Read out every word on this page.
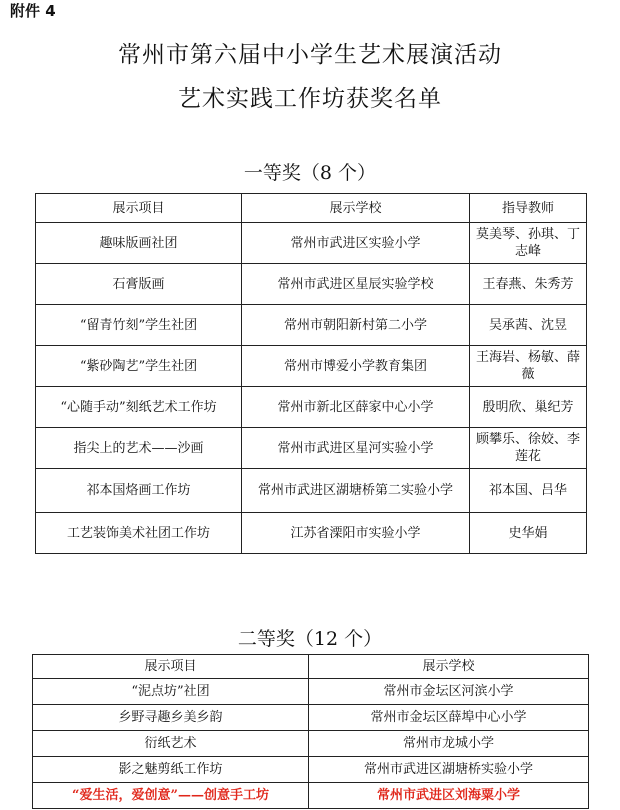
附件 4
常州市第六届中小学生艺术展演活动
艺术实践工作坊获奖名单
一等奖（8 个）
展示项目	展示学校	指导教师
趣味版画社团	常州市武进区实验小学	莫美琴、孙琪、丁志峰
石膏版画	常州市武进区星辰实验学校	王春燕、朱秀芳
“留青竹刻”学生社团	常州市朝阳新村第二小学	吴承茜、沈昱
“紫砂陶艺”学生社团	常州市博爱小学教育集团	王海岩、杨敏、薛薇
“心随手动”刻纸艺术工作坊	常州市新北区薛家中心小学	殷明欣、巢纪芳
指尖上的艺术——沙画	常州市武进区星河实验小学	顾攀乐、徐姣、李莲花
祁本国烙画工作坊	常州市武进区湖塘桥第二实验小学	祁本国、吕华
工艺装饰美术社团工作坊	江苏省溧阳市实验小学	史华娟
二等奖（12 个）
展示项目	展示学校
“泥点坊”社团	常州市金坛区河滨小学
乡野寻趣乡美乡韵	常州市金坛区薛埠中心小学
衍纸艺术	常州市龙城小学
影之魅剪纸工作坊	常州市武进区湖塘桥实验小学
“爱生活，爱创意”——创意手工坊	常州市武进区刘海粟小学
